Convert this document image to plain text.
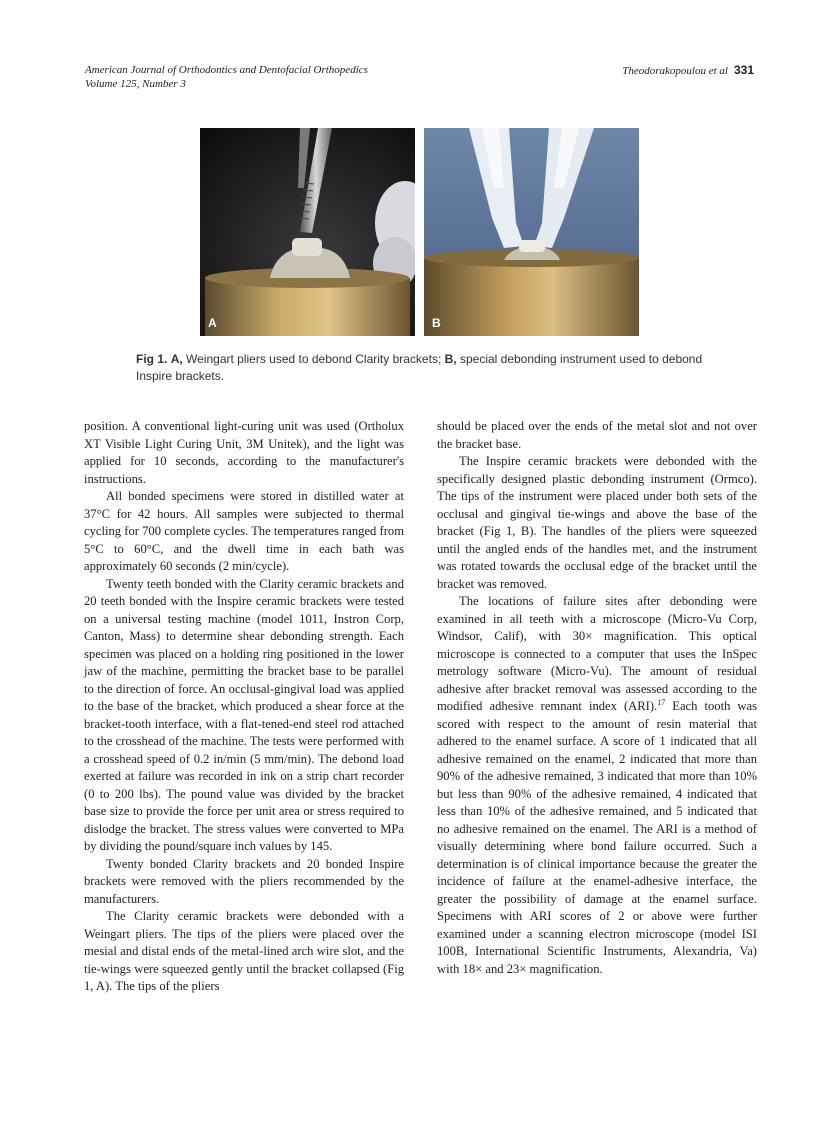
American Journal of Orthodontics and Dentofacial Orthopedics
Volume 125, Number 3
Theodorakopoulou et al 331
A	B
Fig 1. A, Weingart pliers used to debond Clarity brackets; B, special debonding instrument used to debond Inspire brackets.

position. A conventional light-curing unit was used (Ortholux XT Visible Light Curing Unit, 3M Unitek), and the light was applied for 10 seconds, according to the manufacturer's instructions.

All bonded specimens were stored in distilled water at 37°C for 42 hours. All samples were subjected to thermal cycling for 700 complete cycles. The temperatures ranged from 5°C to 60°C, and the dwell time in each bath was approximately 60 seconds (2 min/cycle).

Twenty teeth bonded with the Clarity ceramic brackets and 20 teeth bonded with the Inspire ceramic brackets were tested on a universal testing machine (model 1011, Instron Corp, Canton, Mass) to determine shear debonding strength. Each specimen was placed on a holding ring positioned in the lower jaw of the machine, permitting the bracket base to be parallel to the direction of force. An occlusal-gingival load was applied to the base of the bracket, which produced a shear force at the bracket-tooth interface, with a flat-tened-end steel rod attached to the crosshead of the machine. The tests were performed with a crosshead speed of 0.2 in/min (5 mm/min). The debond load exerted at failure was recorded in ink on a strip chart recorder (0 to 200 lbs). The pound value was divided by the bracket base size to provide the force per unit area or stress required to dislodge the bracket. The stress values were converted to MPa by dividing the pound/square inch values by 145.

Twenty bonded Clarity brackets and 20 bonded Inspire brackets were removed with the pliers recommended by the manufacturers.

The Clarity ceramic brackets were debonded with a Weingart pliers. The tips of the pliers were placed over the mesial and distal ends of the metal-lined arch wire slot, and the tie-wings were squeezed gently until the bracket collapsed (Fig 1, A). The tips of the pliers

should be placed over the ends of the metal slot and not over the bracket base.

The Inspire ceramic brackets were debonded with the specifically designed plastic debonding instrument (Ormco). The tips of the instrument were placed under both sets of the occlusal and gingival tie-wings and above the base of the bracket (Fig 1, B). The handles of the pliers were squeezed until the angled ends of the handles met, and the instrument was rotated towards the occlusal edge of the bracket until the bracket was removed.

The locations of failure sites after debonding were examined in all teeth with a microscope (Micro-Vu Corp, Windsor, Calif), with 30× magnification. This optical microscope is connected to a computer that uses the InSpec metrology software (Micro-Vu). The amount of residual adhesive after bracket removal was assessed according to the modified adhesive remnant index (ARI).$^{17}$ Each tooth was scored with respect to the amount of resin material that adhered to the enamel surface. A score of 1 indicated that all adhesive remained on the enamel, 2 indicated that more than 90% of the adhesive remained, 3 indicated that more than 10% but less than 90% of the adhesive remained, 4 indicated that less than 10% of the adhesive remained, and 5 indicated that no adhesive remained on the enamel. The ARI is a method of visually determining where bond failure occurred. Such a determination is of clinical importance because the greater the incidence of failure at the enamel-adhesive interface, the greater the possibility of damage at the enamel surface. Specimens with ARI scores of 2 or above were further examined under a scanning electron microscope (model ISI 100B, International Scientific Instruments, Alexandria, Va) with 18× and 23× magnification.
